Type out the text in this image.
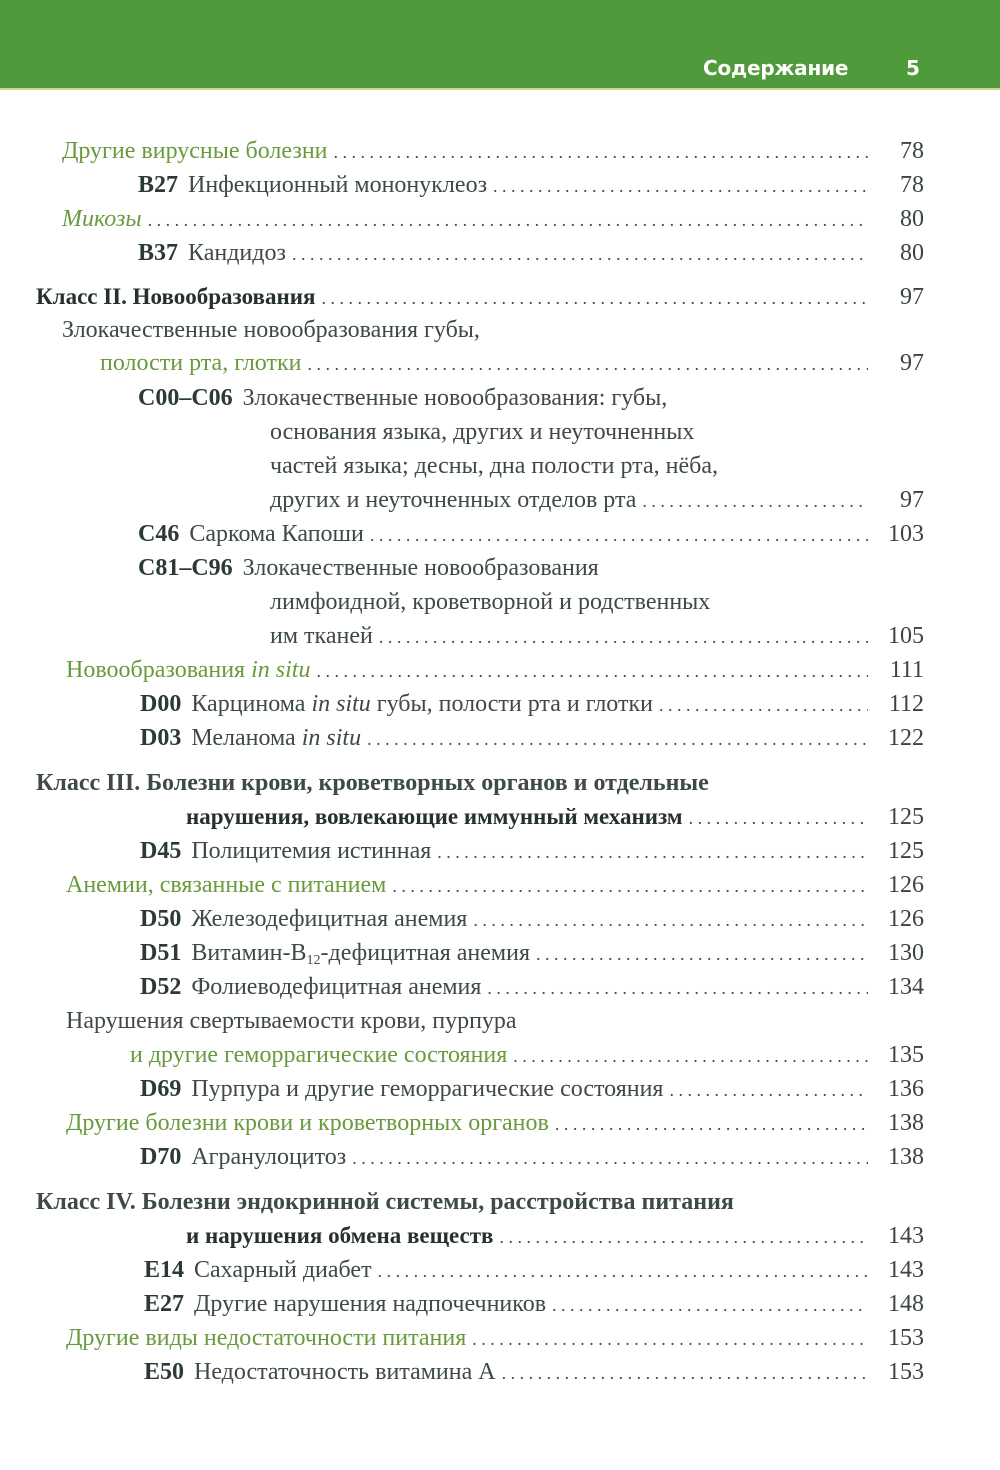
Содержание	5
Другие вирусные болезни . . .	78
B27 Инфекционный мононуклеоз . . .	78
Микозы . . .	80
B37 Кандидоз . . .	80
Класс II. Новообразования . . .	97
Злокачественные новообразования губы,
полости рта, глотки . . .	97
C00–C06 Злокачественные новообразования: губы,
основания языка, других и неуточненных
частей языка; десны, дна полости рта, нёба,
других и неуточненных отделов рта . . .	97
C46 Саркома Капоши . . .	103
C81–C96 Злокачественные новообразования
лимфоидной, кроветворной и родственных
им тканей . . .	105
Новообразования in situ . . .	111
D00 Карцинома in situ губы, полости рта и глотки . . .	112
D03 Меланома in situ . . .	122
Класс III. Болезни крови, кроветворных органов и отдельные
нарушения, вовлекающие иммунный механизм . . .	125
D45 Полицитемия истинная . . .	125
Анемии, связанные с питанием . . .	126
D50 Железодефицитная анемия . . .	126
D51 Витамин-$B_{12}$-дефицитная анемия . . .	130
D52 Фолиеводефицитная анемия . . .	134
Нарушения свертываемости крови, пурпура
и другие геморрагические состояния . . .	135
D69 Пурпура и другие геморрагические состояния . . .	136
Другие болезни крови и кроветворных органов . . .	138
D70 Агранулоцитоз . . .	138
Класс IV. Болезни эндокринной системы, расстройства питания
и нарушения обмена веществ . . .	143
E14 Сахарный диабет . . .	143
E27 Другие нарушения надпочечников . . .	148
Другие виды недостаточности питания . . .	153
E50 Недостаточность витамина А . . .	153
